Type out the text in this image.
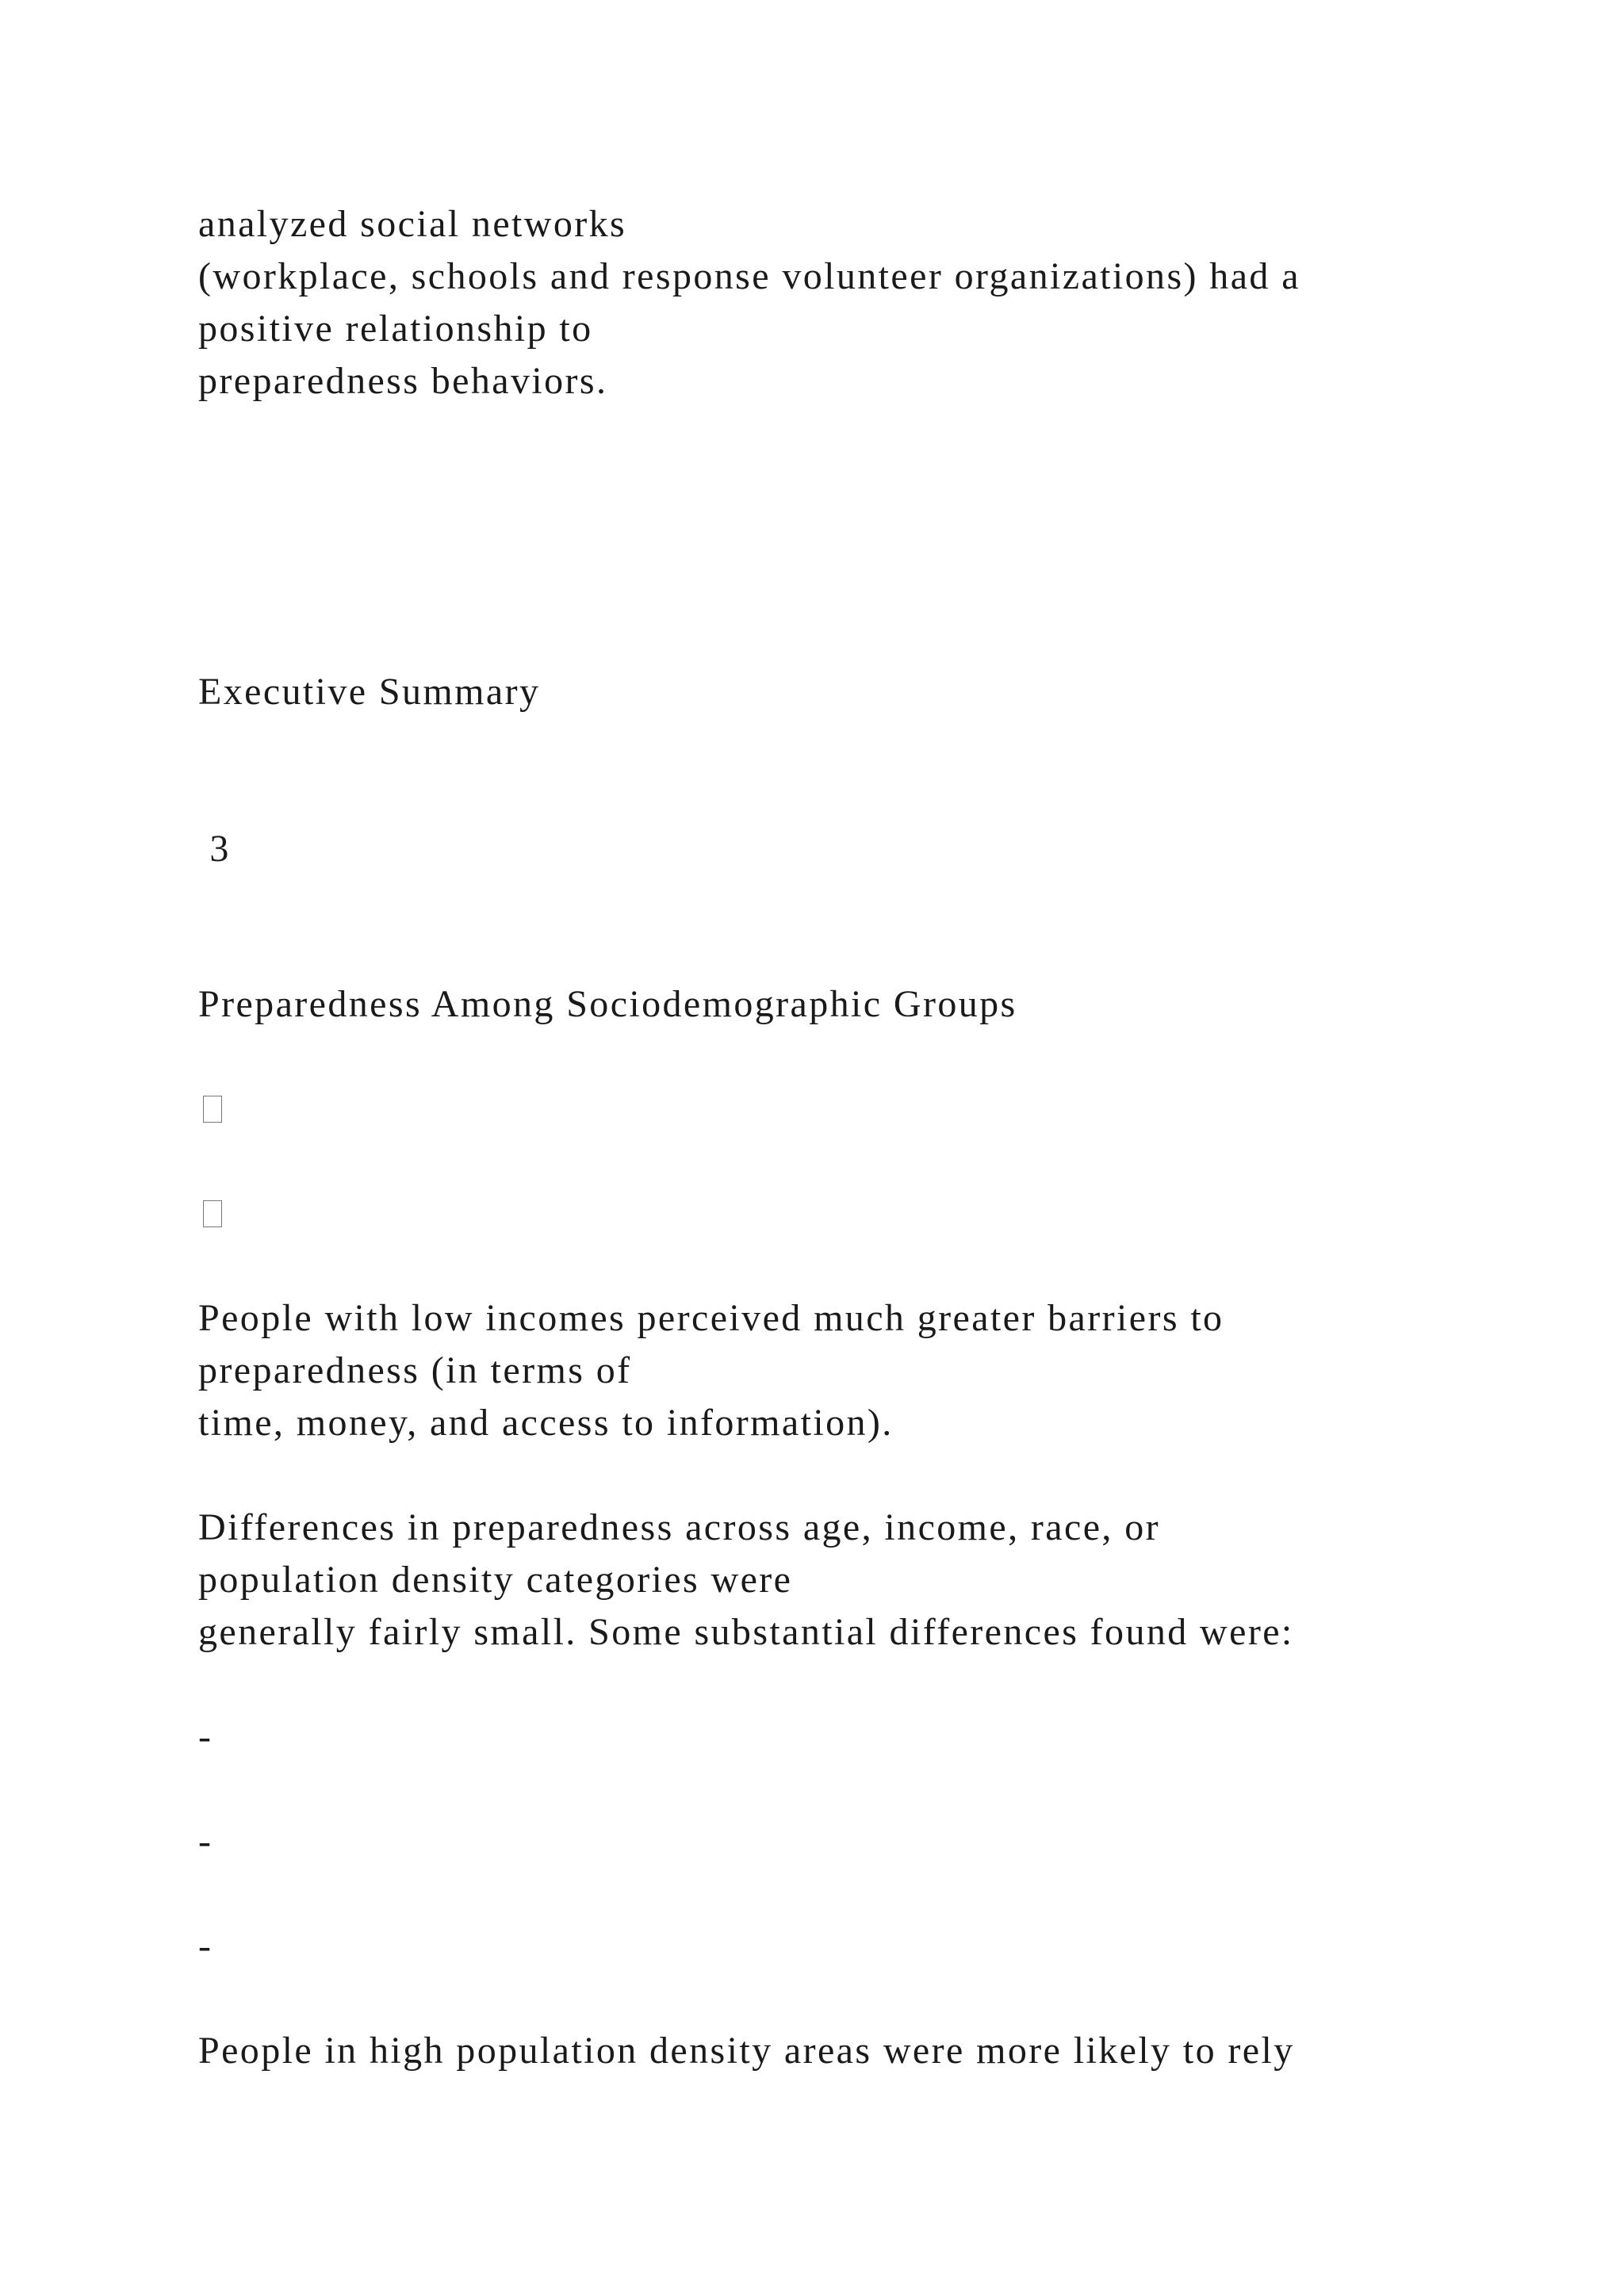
analyzed social networks

(workplace, schools and response volunteer organizations) had a

positive relationship to

preparedness behaviors.

Executive Summary

3

Preparedness Among Sociodemographic Groups

People with low incomes perceived much greater barriers to

preparedness (in terms of

time, money, and access to information).

Differences in preparedness across age, income, race, or

population density categories were

generally fairly small. Some substantial differences found were:

-

-

-

People in high population density areas were more likely to rely
